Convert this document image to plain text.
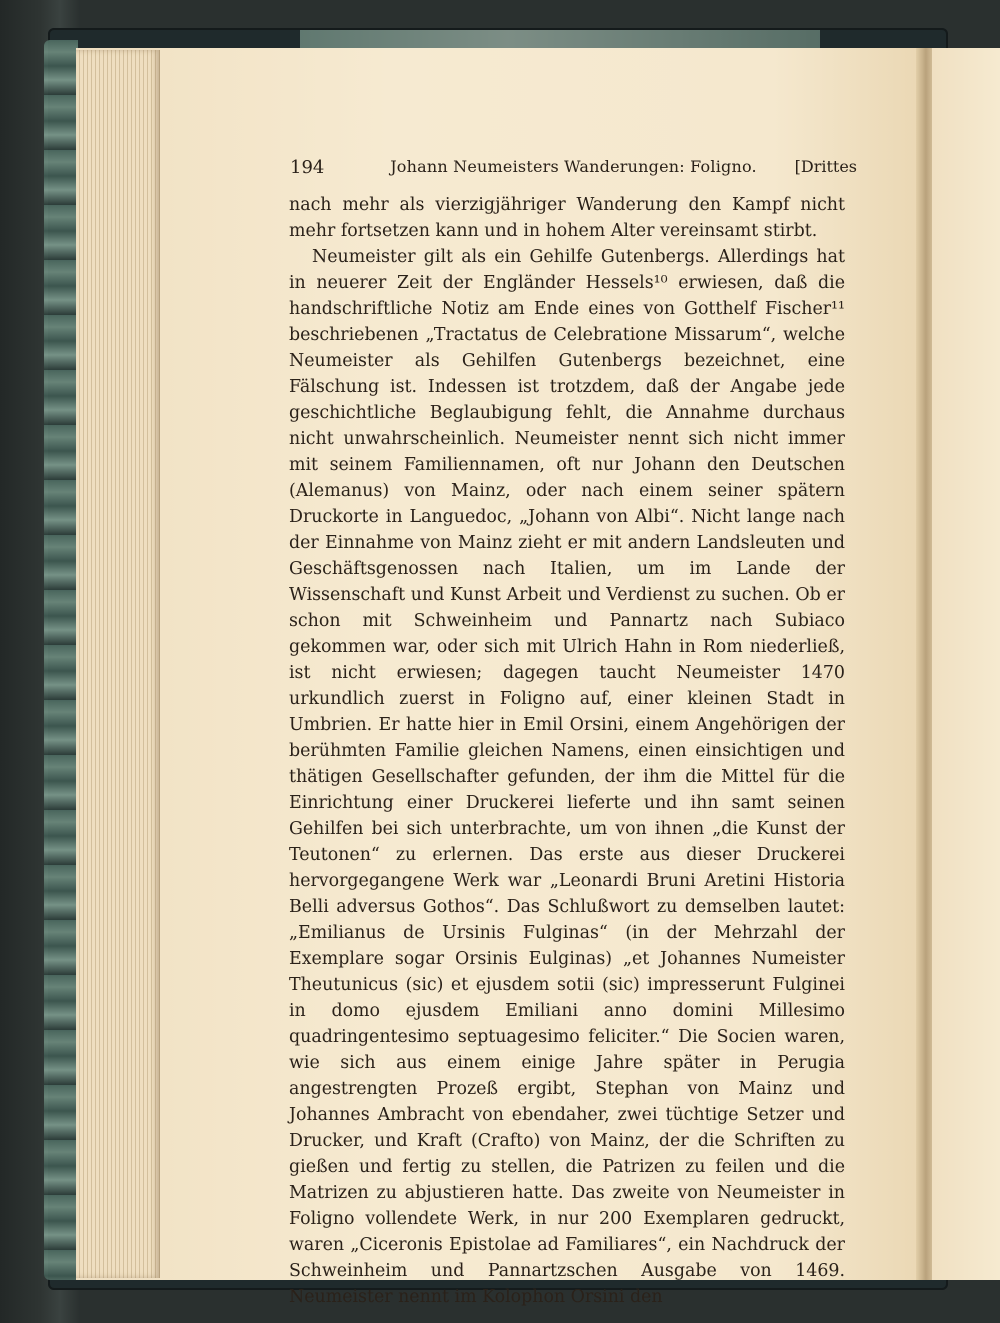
194	Johann Neumeisters Wanderungen: Foligno.	[Drittes

nach mehr als vierzigjähriger Wanderung den Kampf nicht mehr fortsetzen kann und in hohem Alter vereinsamt stirbt.

Neumeister gilt als ein Gehilfe Gutenbergs. Allerdings hat in neuerer Zeit der Engländer Hessels¹⁰ erwiesen, daß die handschriftliche Notiz am Ende eines von Gotthelf Fischer¹¹ beschriebenen „Tractatus de Celebratione Missarum“, welche Neumeister als Gehilfen Gutenbergs bezeichnet, eine Fälschung ist. Indessen ist trotzdem, daß der Angabe jede geschichtliche Beglaubigung fehlt, die Annahme durchaus nicht unwahrscheinlich. Neumeister nennt sich nicht immer mit seinem Familiennamen, oft nur Johann den Deutschen (Alemanus) von Mainz, oder nach einem seiner spätern Druckorte in Languedoc, „Johann von Albi“. Nicht lange nach der Einnahme von Mainz zieht er mit andern Landsleuten und Geschäftsgenossen nach Italien, um im Lande der Wissenschaft und Kunst Arbeit und Verdienst zu suchen. Ob er schon mit Schweinheim und Pannartz nach Subiaco gekommen war, oder sich mit Ulrich Hahn in Rom niederließ, ist nicht erwiesen; dagegen taucht Neumeister 1470 urkundlich zuerst in Foligno auf, einer kleinen Stadt in Umbrien. Er hatte hier in Emil Orsini, einem Angehörigen der berühmten Familie gleichen Namens, einen einsichtigen und thätigen Gesellschafter gefunden, der ihm die Mittel für die Einrichtung einer Druckerei lieferte und ihn samt seinen Gehilfen bei sich unterbrachte, um von ihnen „die Kunst der Teutonen“ zu erlernen. Das erste aus dieser Druckerei hervorgegangene Werk war „Leonardi Bruni Aretini Historia Belli adversus Gothos“. Das Schlußwort zu demselben lautet: „Emilianus de Ursinis Fulginas“ (in der Mehrzahl der Exemplare sogar Orsinis Eulginas) „et Johannes Numeister Theutunicus (sic) et ejusdem sotii (sic) impresserunt Fulginei in domo ejusdem Emiliani anno domini Millesimo quadringentesimo septuagesimo feliciter.“ Die Socien waren, wie sich aus einem einige Jahre später in Perugia angestrengten Prozeß ergibt, Stephan von Mainz und Johannes Ambracht von ebendaher, zwei tüchtige Setzer und Drucker, und Kraft (Crafto) von Mainz, der die Schriften zu gießen und fertig zu stellen, die Patrizen zu feilen und die Matrizen zu abjustieren hatte. Das zweite von Neumeister in Foligno vollendete Werk, in nur 200 Exemplaren gedruckt, waren „Ciceronis Epistolae ad Familiares“, ein Nachdruck der Schweinheim und Pannartzschen Ausgabe von 1469. Neumeister nennt im Kolophon Orsini den
